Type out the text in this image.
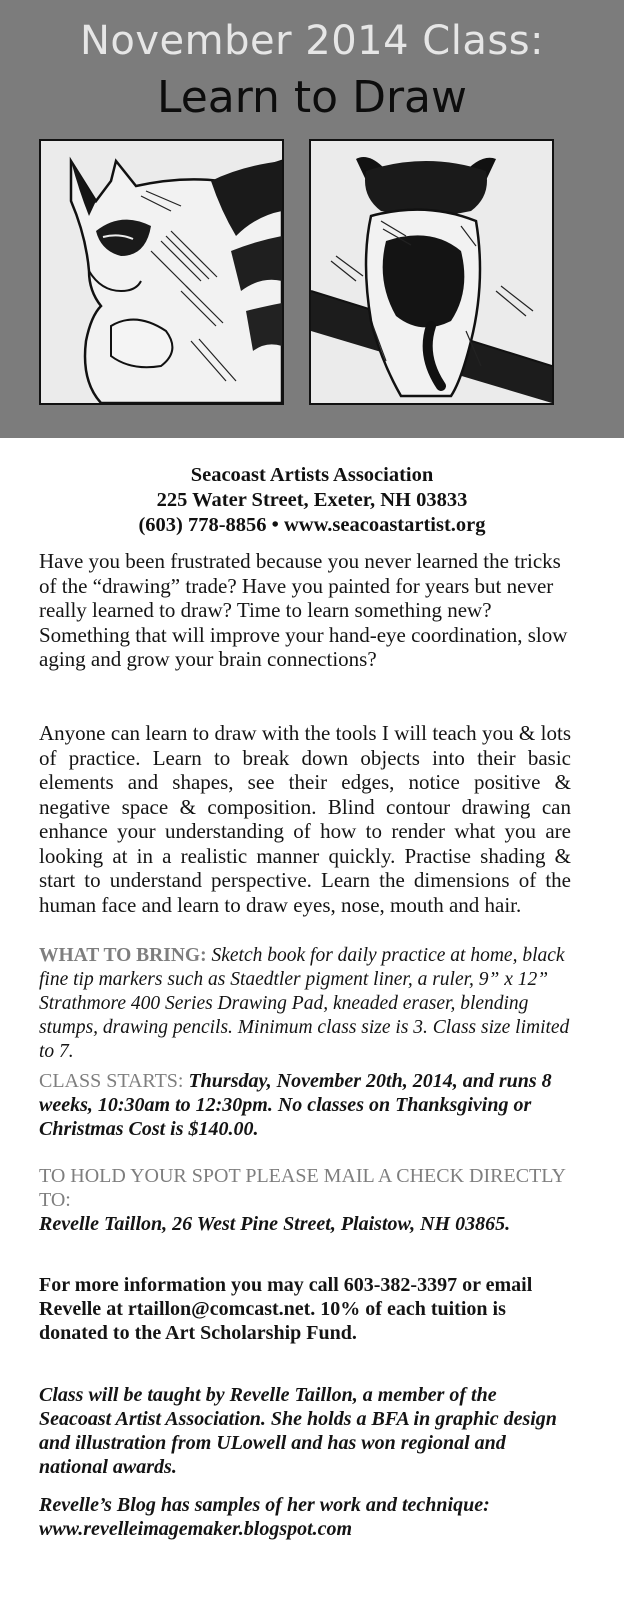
November 2014 Class:
Learn to Draw
Seacoast Artists Association
225 Water Street, Exeter, NH 03833
(603) 778-8856 • www.seacoastartist.org
Have you been frustrated because you never learned the tricks of the “drawing” trade? Have you painted for years but never really learned to draw? Time to learn something new? Something that will improve your hand-eye coordination, slow aging and grow your brain connections?
Anyone can learn to draw with the tools I will teach you & lots of practice. Learn to break down objects into their basic elements and shapes, see their edges, notice positive & negative space & composition. Blind contour drawing can enhance your understanding of how to render what you are looking at in a realistic manner quickly. Practise shading & start to understand perspective. Learn the dimensions of the human face and learn to draw eyes, nose, mouth and hair.
WHAT TO BRING: Sketch book for daily practice at home, black fine tip markers such as Staedtler pigment liner, a ruler, 9” x 12” Strathmore 400 Series Drawing Pad, kneaded eraser, blending stumps, drawing pencils. Minimum class size is 3. Class size limited to 7.
CLASS STARTS: Thursday, November 20th, 2014, and runs 8 weeks, 10:30am to 12:30pm. No classes on Thanksgiving or Christmas Cost is $140.00.
TO HOLD YOUR SPOT PLEASE MAIL A CHECK DIRECTLY TO:
Revelle Taillon, 26 West Pine Street, Plaistow, NH 03865.
For more information you may call 603-382-3397 or email Revelle at rtaillon@comcast.net. 10% of each tuition is donated to the Art Scholarship Fund.
Class will be taught by Revelle Taillon, a member of the Seacoast Artist Association. She holds a BFA in graphic design and illustration from ULowell and has won regional and national awards.
Revelle’s Blog has samples of her work and technique: www.revelleimagemaker.blogspot.com
